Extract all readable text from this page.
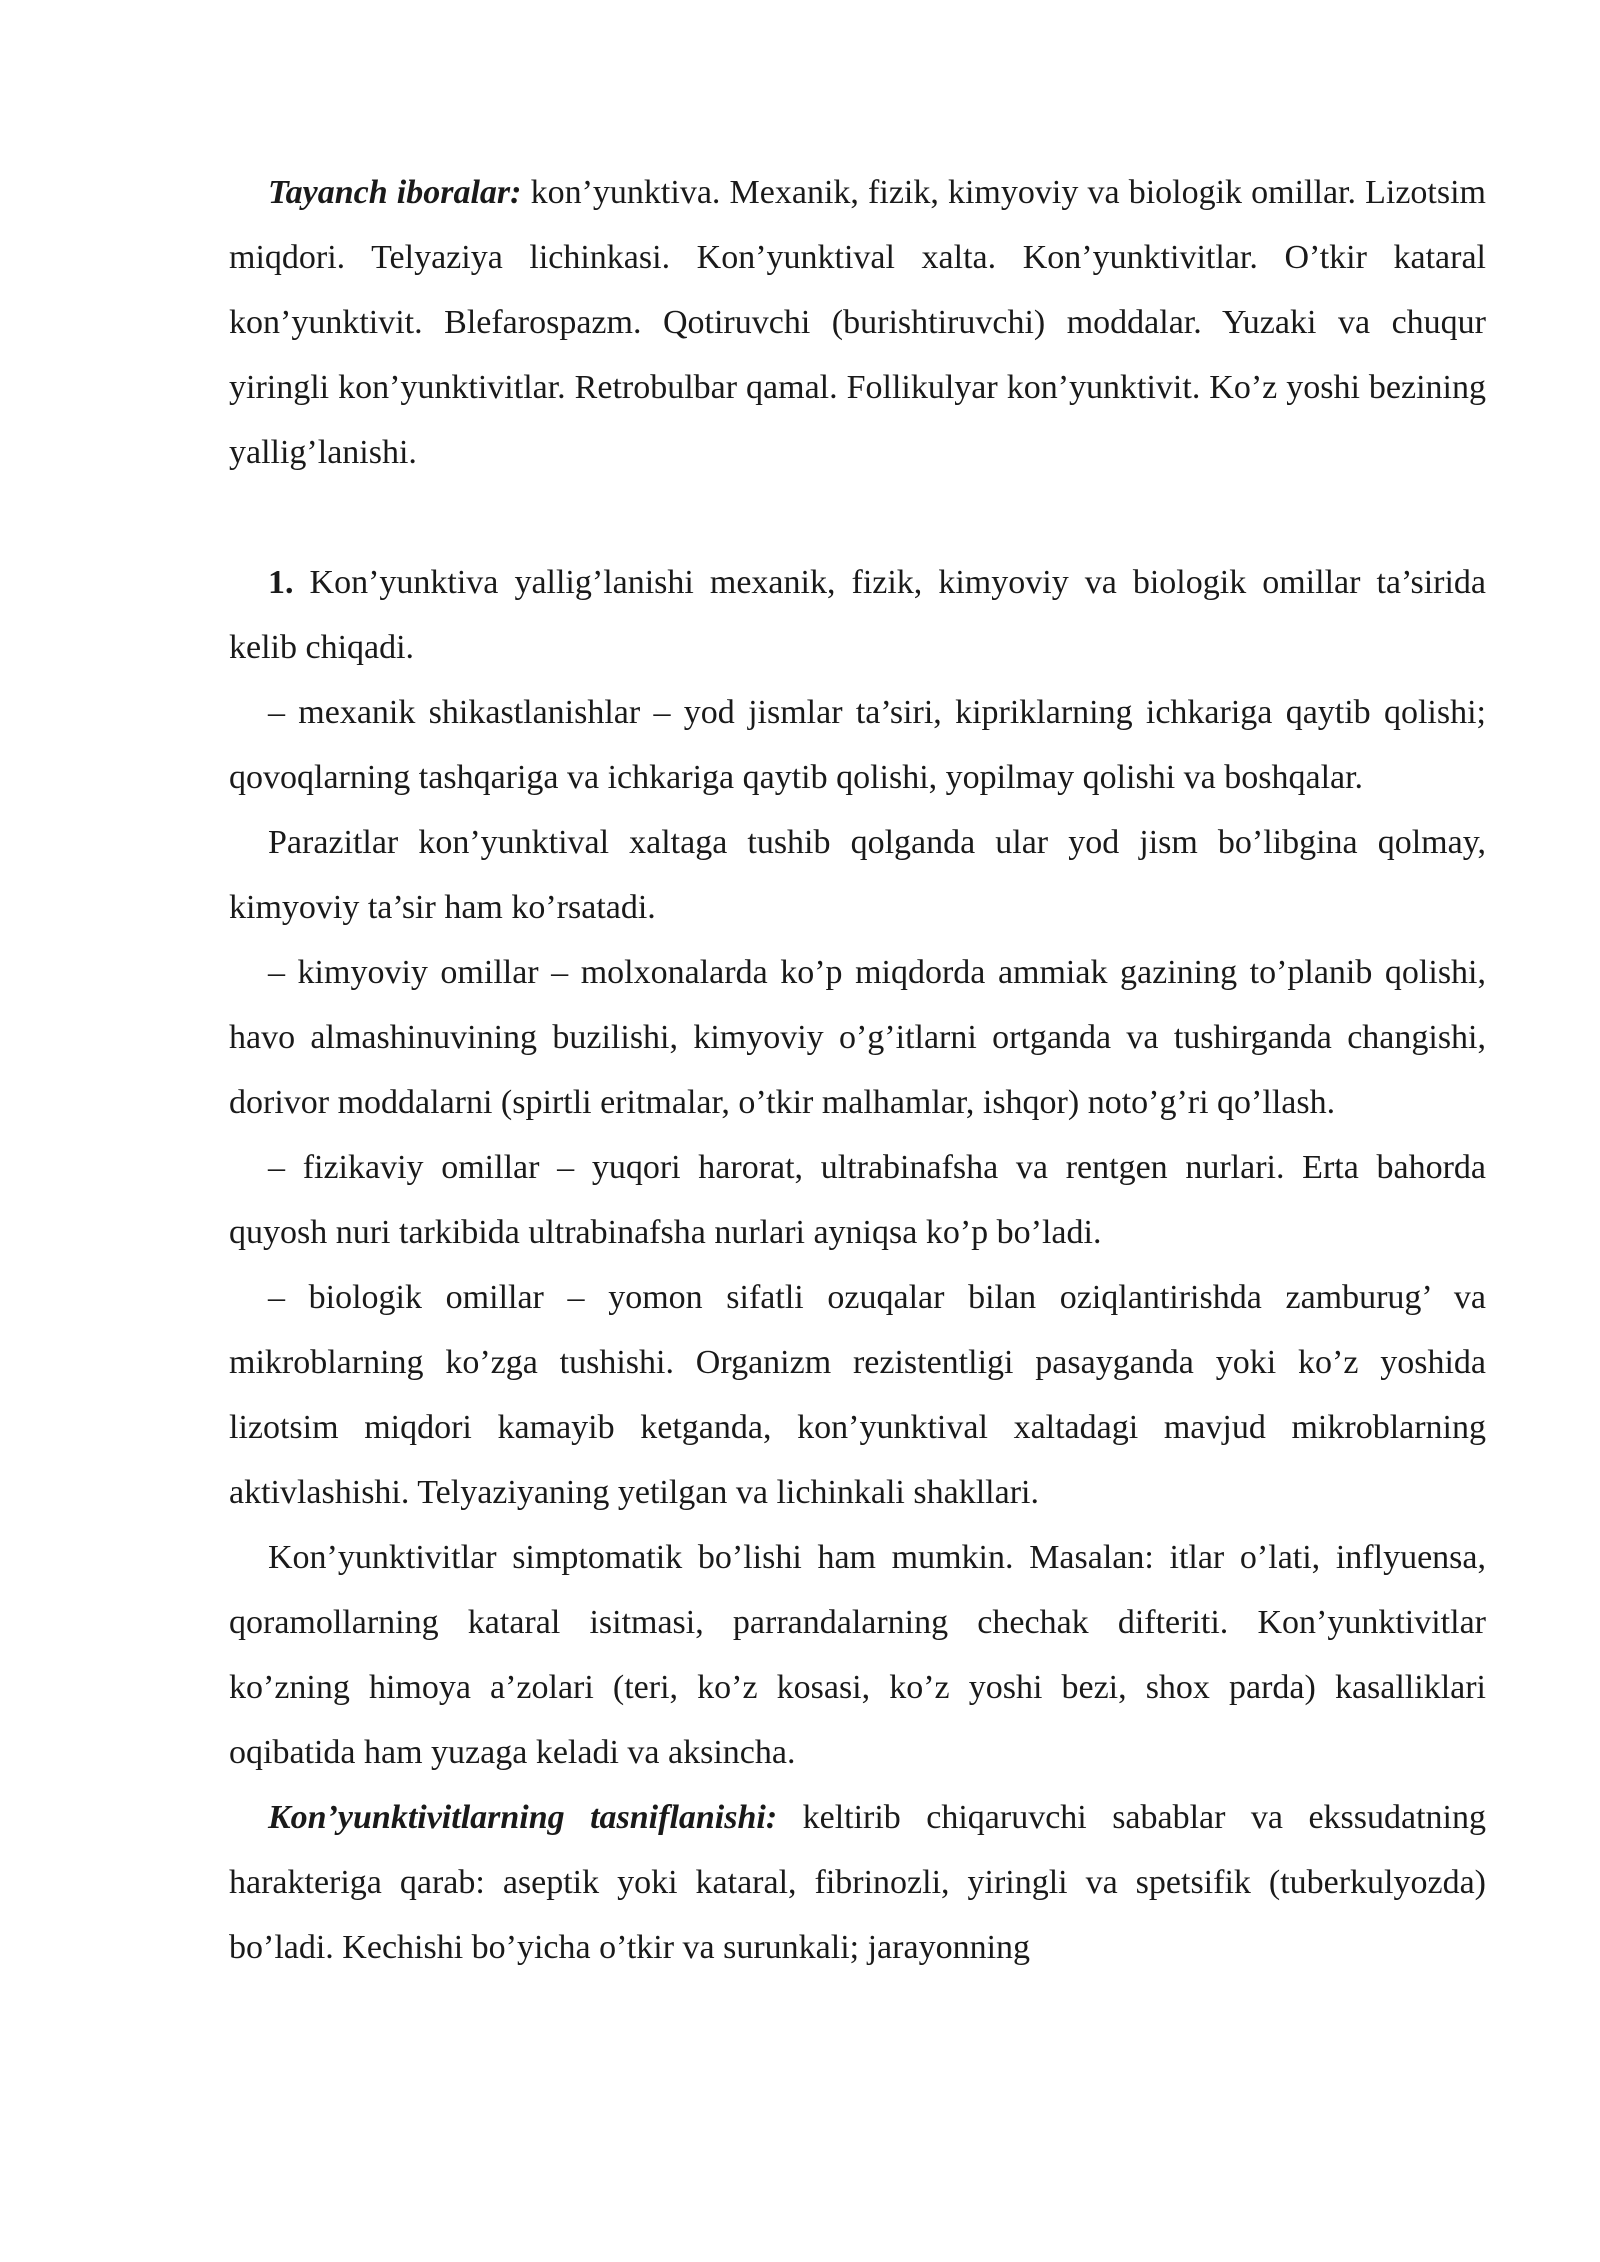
Tayanch iboralar: kon’yunktiva. Mexanik, fizik, kimyoviy va biologik omillar. Lizotsim miqdori. Telyaziya lichinkasi. Kon’yunktival xalta. Kon’yunktivitlar. O’tkir kataral kon’yunktivit. Blefarospazm. Qotiruvchi (burishtiruvchi) moddalar. Yuzaki va chuqur yiringli kon’yunktivitlar. Retrobulbar qamal. Follikulyar kon’yunktivit. Ko’z yoshi bezining yallig’lanishi.

1. Kon’yunktiva yallig’lanishi mexanik, fizik, kimyoviy va biologik omillar ta’sirida kelib chiqadi.

– mexanik shikastlanishlar – yod jismlar ta’siri, kipriklarning ichkariga qaytib qolishi; qovoqlarning tashqariga va ichkariga qaytib qolishi, yopilmay qolishi va boshqalar.

Parazitlar kon’yunktival xaltaga tushib qolganda ular yod jism bo’libgina qolmay, kimyoviy ta’sir ham ko’rsatadi.

– kimyoviy omillar – molxonalarda ko’p miqdorda ammiak gazining to’planib qolishi, havo almashinuvining buzilishi, kimyoviy o’g’itlarni ortganda va tushirganda changishi, dorivor moddalarni (spirtli eritmalar, o’tkir malhamlar, ishqor) noto’g’ri qo’llash.

– fizikaviy omillar – yuqori harorat, ultrabinafsha va rentgen nurlari. Erta bahorda quyosh nuri tarkibida ultrabinafsha nurlari ayniqsa ko’p bo’ladi.

– biologik omillar – yomon sifatli ozuqalar bilan oziqlantirishda zamburug’ va mikroblarning ko’zga tushishi. Organizm rezistentligi pasayganda yoki ko’z yoshida lizotsim miqdori kamayib ketganda, kon’yunktival xaltadagi mavjud mikroblarning aktivlashishi. Telyaziyaning yetilgan va lichinkali shakllari.

Kon’yunktivitlar simptomatik bo’lishi ham mumkin. Masalan: itlar o’lati, inflyuensa, qoramollarning kataral isitmasi, parrandalarning chechak difteriti. Kon’yunktivitlar ko’zning himoya a’zolari (teri, ko’z kosasi, ko’z yoshi bezi, shox parda) kasalliklari oqibatida ham yuzaga keladi va aksincha.

Kon’yunktivitlarning tasniflanishi: keltirib chiqaruvchi sabablar va ekssudatning harakteriga qarab: aseptik yoki kataral, fibrinozli, yiringli va spetsifik (tuberkulyozda) bo’ladi. Kechishi bo’yicha o’tkir va surunkali; jarayonning
